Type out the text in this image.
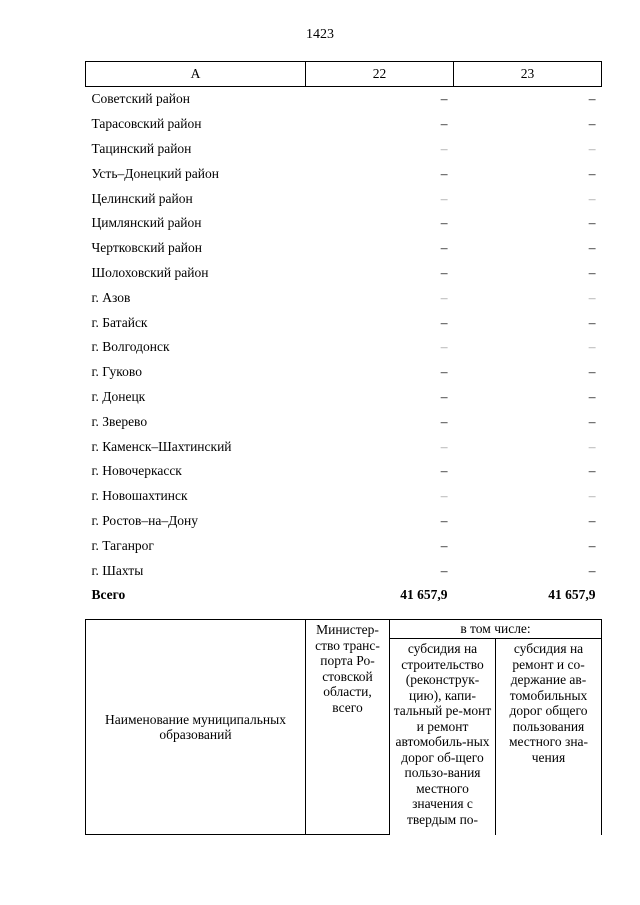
1423
А	22	23
Советский район	–	–
Тарасовский район	–	–
Тацинский район	–	–
Усть–Донецкий район	–	–
Целинский район	–	–
Цимлянский район	–	–
Чертковский район	–	–
Шолоховский район	–	–
г. Азов	–	–
г. Батайск	–	–
г. Волгодонск	–	–
г. Гуково	–	–
г. Донецк	–	–
г. Зверево	–	–
г. Каменск–Шахтинский	–	–
г. Новочеркасск	–	–
г. Новошахтинск	–	–
г. Ростов–на–Дону	–	–
г. Таганрог	–	–
г. Шахты	–	–
Всего	41 657,9	41 657,9
Наименование муниципальных образований	Министер-ство транс-порта Ро-стовской области, всего	в том числе:	
		субсидия на строительство (реконструк-цию), капи-тальный ре-монт и ремонт автомобиль-ных дорог об-щего пользо-вания местного значения с твердым по-	субсидия на ремонт и со-держание ав-томобильных дорог общего пользования местного зна-чения
